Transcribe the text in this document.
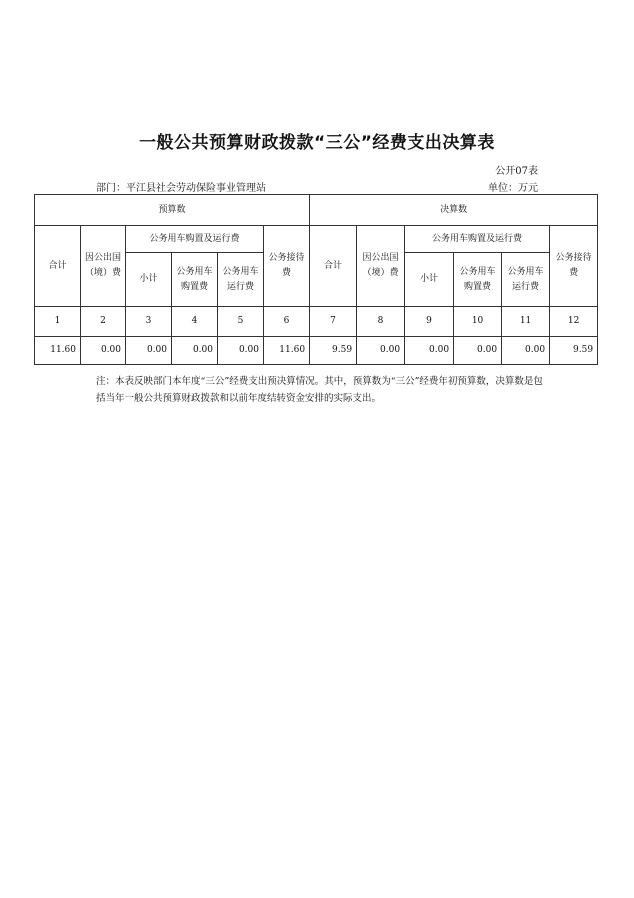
一般公共预算财政拨款“三公”经费支出决算表
公开07表
部门：平江县社会劳动保险事业管理站	单位：万元
预算数						决算数					
合计	因公出国（境）费	公务用车购置及运行费			公务接待费	合计	因公出国（境）费	公务用车购置及运行费			公务接待费
		小计	公务用车购置费	公务用车运行费				小计	公务用车购置费	公务用车运行费	
1	2	3	4	5	6	7	8	9	10	11	12
11.60	0.00	0.00	0.00	0.00	11.60	9.59	0.00	0.00	0.00	0.00	9.59
注：本表反映部门本年度“三公”经费支出预决算情况。其中，预算数为“三公”经费年初预算数，决算数是包括当年一般公共预算财政拨款和以前年度结转资金安排的实际支出。
